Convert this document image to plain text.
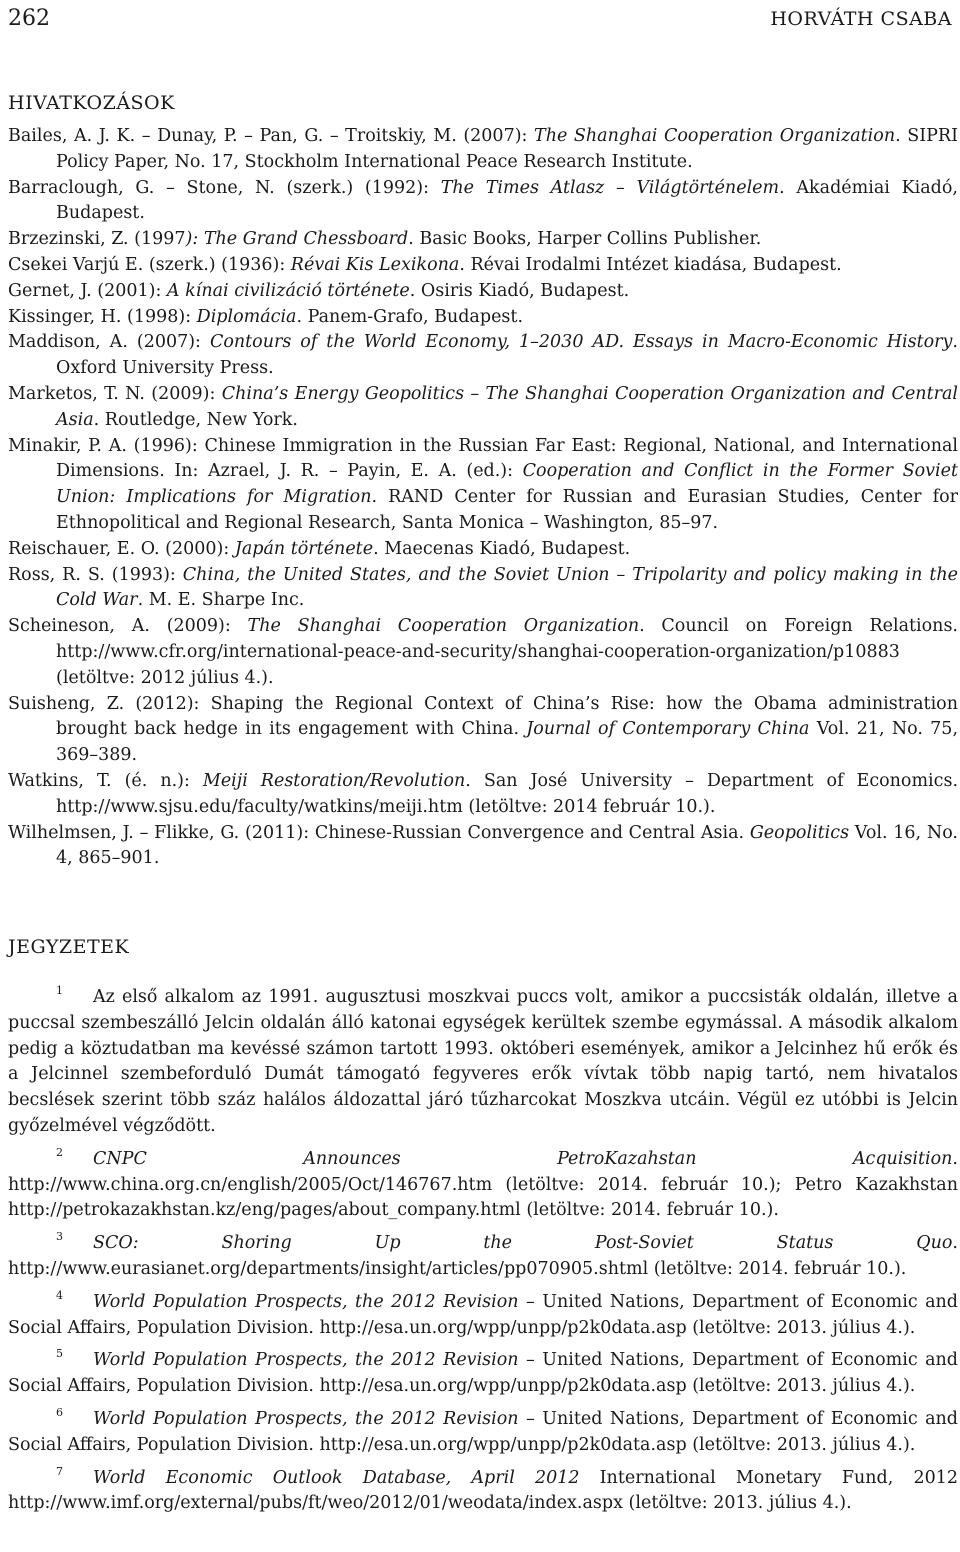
262	HORVÁTH CSABA
HIVATKOZÁSOK
Bailes, A. J. K. – Dunay, P. – Pan, G. – Troitskiy, M. (2007): The Shanghai Cooperation Organization. SIPRI Policy Paper, No. 17, Stockholm International Peace Research Institute.
Barraclough, G. – Stone, N. (szerk.) (1992): The Times Atlasz – Világtörténelem. Akadémiai Kiadó, Budapest.
Brzezinski, Z. (1997): The Grand Chessboard. Basic Books, Harper Collins Publisher.
Csekei Varjú E. (szerk.) (1936): Révai Kis Lexikona. Révai Irodalmi Intézet kiadása, Budapest.
Gernet, J. (2001): A kínai civilizáció története. Osiris Kiadó, Budapest.
Kissinger, H. (1998): Diplomácia. Panem-Grafo, Budapest.
Maddison, A. (2007): Contours of the World Economy, 1–2030 AD. Essays in Macro-Economic History. Oxford University Press.
Marketos, T. N. (2009): China’s Energy Geopolitics – The Shanghai Cooperation Organization and Central Asia. Routledge, New York.
Minakir, P. A. (1996): Chinese Immigration in the Russian Far East: Regional, National, and International Dimensions. In: Azrael, J. R. – Payin, E. A. (ed.): Cooperation and Conflict in the Former Soviet Union: Implications for Migration. RAND Center for Russian and Eurasian Studies, Center for Ethnopolitical and Regional Research, Santa Monica – Washington, 85–97.
Reischauer, E. O. (2000): Japán története. Maecenas Kiadó, Budapest.
Ross, R. S. (1993): China, the United States, and the Soviet Union – Tripolarity and policy making in the Cold War. M. E. Sharpe Inc.
Scheineson, A. (2009): The Shanghai Cooperation Organization. Council on Foreign Relations. http://www.cfr.org/international-peace-and-security/shanghai-cooperation-organization/p10883 (letöltve: 2012 július 4.).
Suisheng, Z. (2012): Shaping the Regional Context of China’s Rise: how the Obama administration brought back hedge in its engagement with China. Journal of Contemporary China Vol. 21, No. 75, 369–389.
Watkins, T. (é. n.): Meiji Restoration/Revolution. San José University – Department of Economics. http://www.sjsu.edu/faculty/watkins/meiji.htm (letöltve: 2014 február 10.).
Wilhelmsen, J. – Flikke, G. (2011): Chinese-Russian Convergence and Central Asia. Geopolitics Vol. 16, No. 4, 865–901.
JEGYZETEK
$^1$ Az első alkalom az 1991. augusztusi moszkvai puccs volt, amikor a puccsisták oldalán, illetve a puccsal szembeszálló Jelcin oldalán álló katonai egységek kerültek szembe egymással. A második alkalom pedig a köztudatban ma kevéssé számon tartott 1993. októberi események, amikor a Jelcinhez hű erők és a Jelcinnel szembeforduló Dumát támogató fegyveres erők vívtak több napig tartó, nem hivatalos becslések szerint több száz halálos áldozattal járó tűzharcokat Moszkva utcáin. Végül ez utóbbi is Jelcin győzelmével végződött.
$^2$ CNPC Announces PetroKazahstan Acquisition. http://www.china.org.cn/english/2005/Oct/146767.htm (letöltve: 2014. február 10.); Petro Kazakhstan http://petrokazakhstan.kz/eng/pages/about_company.html (letöltve: 2014. február 10.).
$^3$ SCO: Shoring Up the Post-Soviet Status Quo. http://www.eurasianet.org/departments/insight/articles/pp070905.shtml (letöltve: 2014. február 10.).
$^4$ World Population Prospects, the 2012 Revision – United Nations, Department of Economic and Social Affairs, Population Division. http://esa.un.org/wpp/unpp/p2k0data.asp (letöltve: 2013. július 4.).
$^5$ World Population Prospects, the 2012 Revision – United Nations, Department of Economic and Social Affairs, Population Division. http://esa.un.org/wpp/unpp/p2k0data.asp (letöltve: 2013. július 4.).
$^6$ World Population Prospects, the 2012 Revision – United Nations, Department of Economic and Social Affairs, Population Division. http://esa.un.org/wpp/unpp/p2k0data.asp (letöltve: 2013. július 4.).
$^7$ World Economic Outlook Database, April 2012 International Monetary Fund, 2012 http://www.imf.org/external/pubs/ft/weo/2012/01/weodata/index.aspx (letöltve: 2013. július 4.).
